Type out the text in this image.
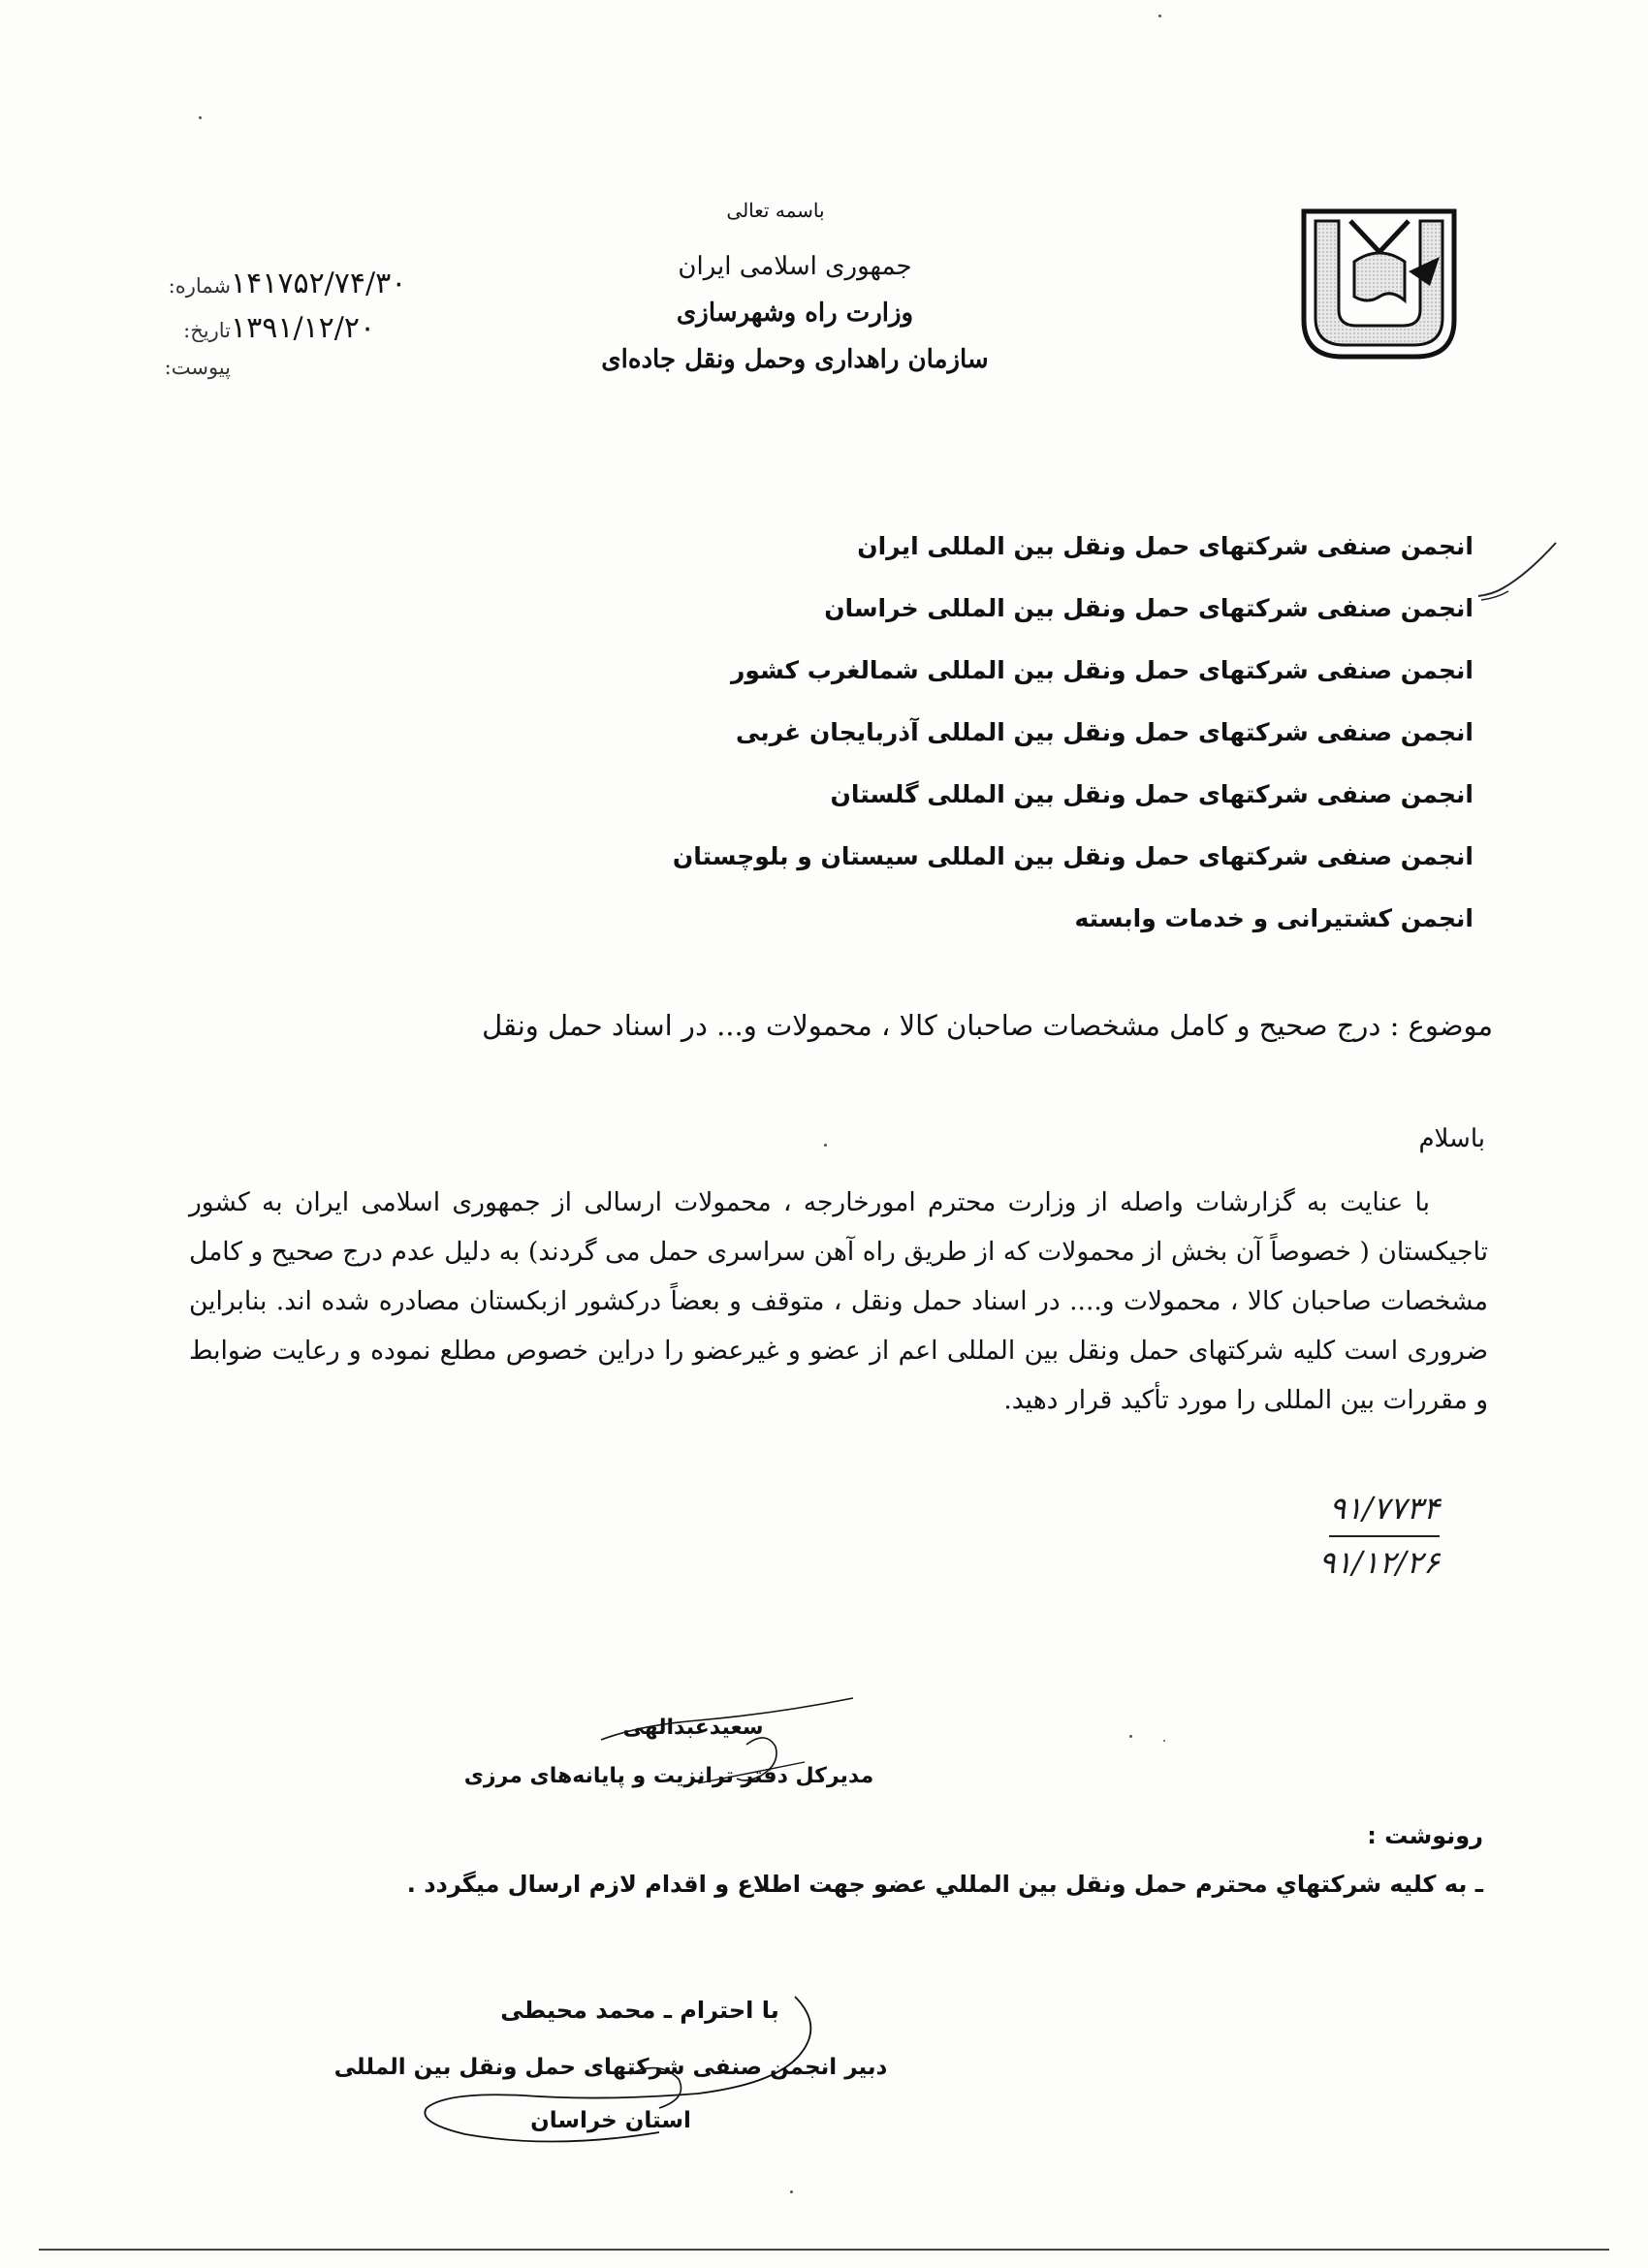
باسمه تعالی
جمهوری اسلامی ایران
وزارت راه وشهرسازی
سازمان راهداری وحمل ونقل جاده‌ای
شماره: ۱۴۱۷۵۲/۷۴/۳۰
تاریخ: ۱۳۹۱/۱۲/۲۰
پیوست:
انجمن صنفی شرکتهای حمل ونقل بین المللی ایران
انجمن صنفی شرکتهای حمل ونقل بین المللی خراسان
انجمن صنفی شرکتهای حمل ونقل بین المللی شمالغرب کشور
انجمن صنفی شرکتهای حمل ونقل بین المللی آذربایجان غربی
انجمن صنفی شرکتهای حمل ونقل بین المللی گلستان
انجمن صنفی شرکتهای حمل ونقل بین المللی سیستان و بلوچستان
انجمن کشتیرانی و خدمات وابسته
موضوع : درج صحیح و کامل مشخصات صاحبان کالا ، محمولات و... در اسناد حمل ونقل
باسلام
با عنایت به گزارشات واصله از وزارت محترم امورخارجه ، محمولات ارسالی از جمهوری اسلامی ایران به کشور تاجیکستان ( خصوصاً آن بخش از محمولات که از طریق راه آهن سراسری حمل می گردند) به دلیل عدم درج صحیح و کامل مشخصات صاحبان کالا ، محمولات و.... در اسناد حمل ونقل ، متوقف و بعضاً درکشور ازبکستان مصادره شده اند. بنابراین ضروری است کلیه شرکتهای حمل ونقل بین المللی اعم از عضو و غیرعضو را دراین خصوص مطلع نموده و رعایت ضوابط و مقررات بین المللی را مورد تأکید قرار دهید.
۹۱/۷۷۳۴
۹۱/۱۲/۲۶
سعیدعبدالهی
مدیرکل دفتر ترانزیت و پایانه‌های مرزی
رونوشت :
ـ به کلیه شرکتهاي محترم حمل ونقل بين المللي عضو جهت اطلاع و اقدام لازم ارسال ميگردد .
با احترام ـ محمد محیطی
دبیر انجمن صنفی شرکتهای حمل ونقل بین المللی
استان خراسان
